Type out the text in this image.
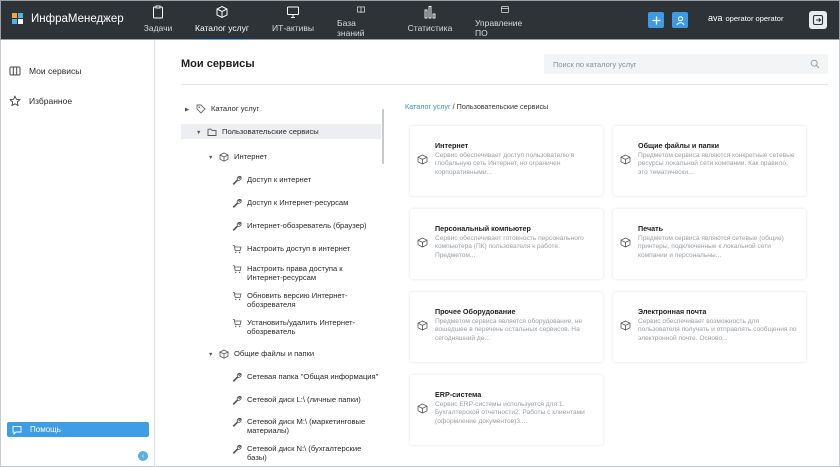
ИнфраМенеджер
Задачи	Каталог услуг	ИТ-активы	База знаний	Статистика	Управление ПО
ava operator operator
Мои сервисы
Избранное
Помощь
‹
Мои сервисы
Поиск по каталогу услуг
▶	Каталог услуг
▼	Пользовательские сервисы
▼	Интернет
Доступ к интернет
Доступ к Интернет-ресурсам
Интернет-обозреватель (браузер)
Настроить доступ в интернет
Настроить права доступа к Интернет-ресурсам
Обновить версию Интернет-обозревателя
Установить/удалить Интернет-обозреватель
▼	Общие файлы и папки
Сетевая папка "Общая информация"
Сетевой диск L:\ (личные папки)
Сетевой диск M:\ (маркетинговые материалы)
Сетевой диск N:\ (бухгалтерские базы)
Каталог услуг / Пользовательские сервисы
Интернет
Сервис обеспечивает доступ пользователю в глобальную сеть Интернет, но ограничен корпоративными...
Общие файлы и папки
Предметом сервиса являются конкретные сетевые ресурсы локальной сети компании. Как правило, это тематически...
Персональный компьютер
Сервис обеспечивает готовность персонального компьютера (ПК) пользователя к работе. Предметом...
Печать
Предметом сервиса являются сетевые (общие) принтеры, подключенные к локальной сети компании и персональны...
Прочее Оборудование
Предметом сервиса является оборудование, не вошедшее в перечень остальных сервисов. На сегодняшний де...
Электронная почта
Сервис обеспечивает возможность для пользователя получать и отправлять сообщения по электронной почте. Осново...
ERP-система
Сервис ERP-системы используется для:1. Бухгалтерской отчетности2. Работы с клиентами (оформление документов)3....
